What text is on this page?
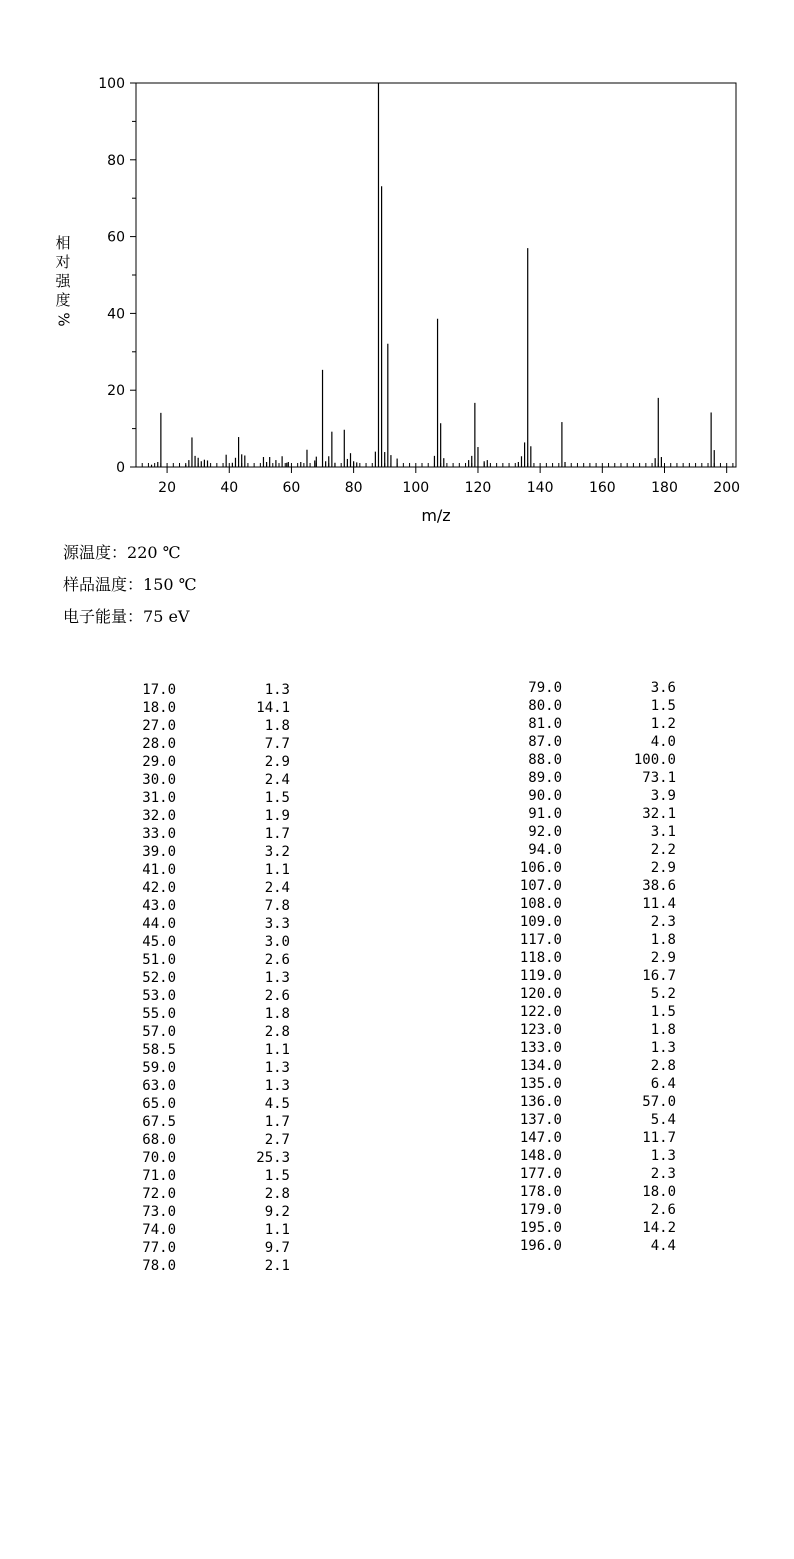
0
20
40
60
80
100
20	40	60	80	100	120	140	160	180	200
m/z
相对强度
%
源温度：220 ℃
样品温度：150 ℃
电子能量：75 eV
17.0	1.3
18.0	14.1
27.0	1.8
28.0	7.7
29.0	2.9
30.0	2.4
31.0	1.5
32.0	1.9
33.0	1.7
39.0	3.2
41.0	1.1
42.0	2.4
43.0	7.8
44.0	3.3
45.0	3.0
51.0	2.6
52.0	1.3
53.0	2.6
55.0	1.8
57.0	2.8
58.5	1.1
59.0	1.3
63.0	1.3
65.0	4.5
67.5	1.7
68.0	2.7
70.0	25.3
71.0	1.5
72.0	2.8
73.0	9.2
74.0	1.1
77.0	9.7
78.0	2.1
79.0	3.6
80.0	1.5
81.0	1.2
87.0	4.0
88.0	100.0
89.0	73.1
90.0	3.9
91.0	32.1
92.0	3.1
94.0	2.2
106.0	2.9
107.0	38.6
108.0	11.4
109.0	2.3
117.0	1.8
118.0	2.9
119.0	16.7
120.0	5.2
122.0	1.5
123.0	1.8
133.0	1.3
134.0	2.8
135.0	6.4
136.0	57.0
137.0	5.4
147.0	11.7
148.0	1.3
177.0	2.3
178.0	18.0
179.0	2.6
195.0	14.2
196.0	4.4
